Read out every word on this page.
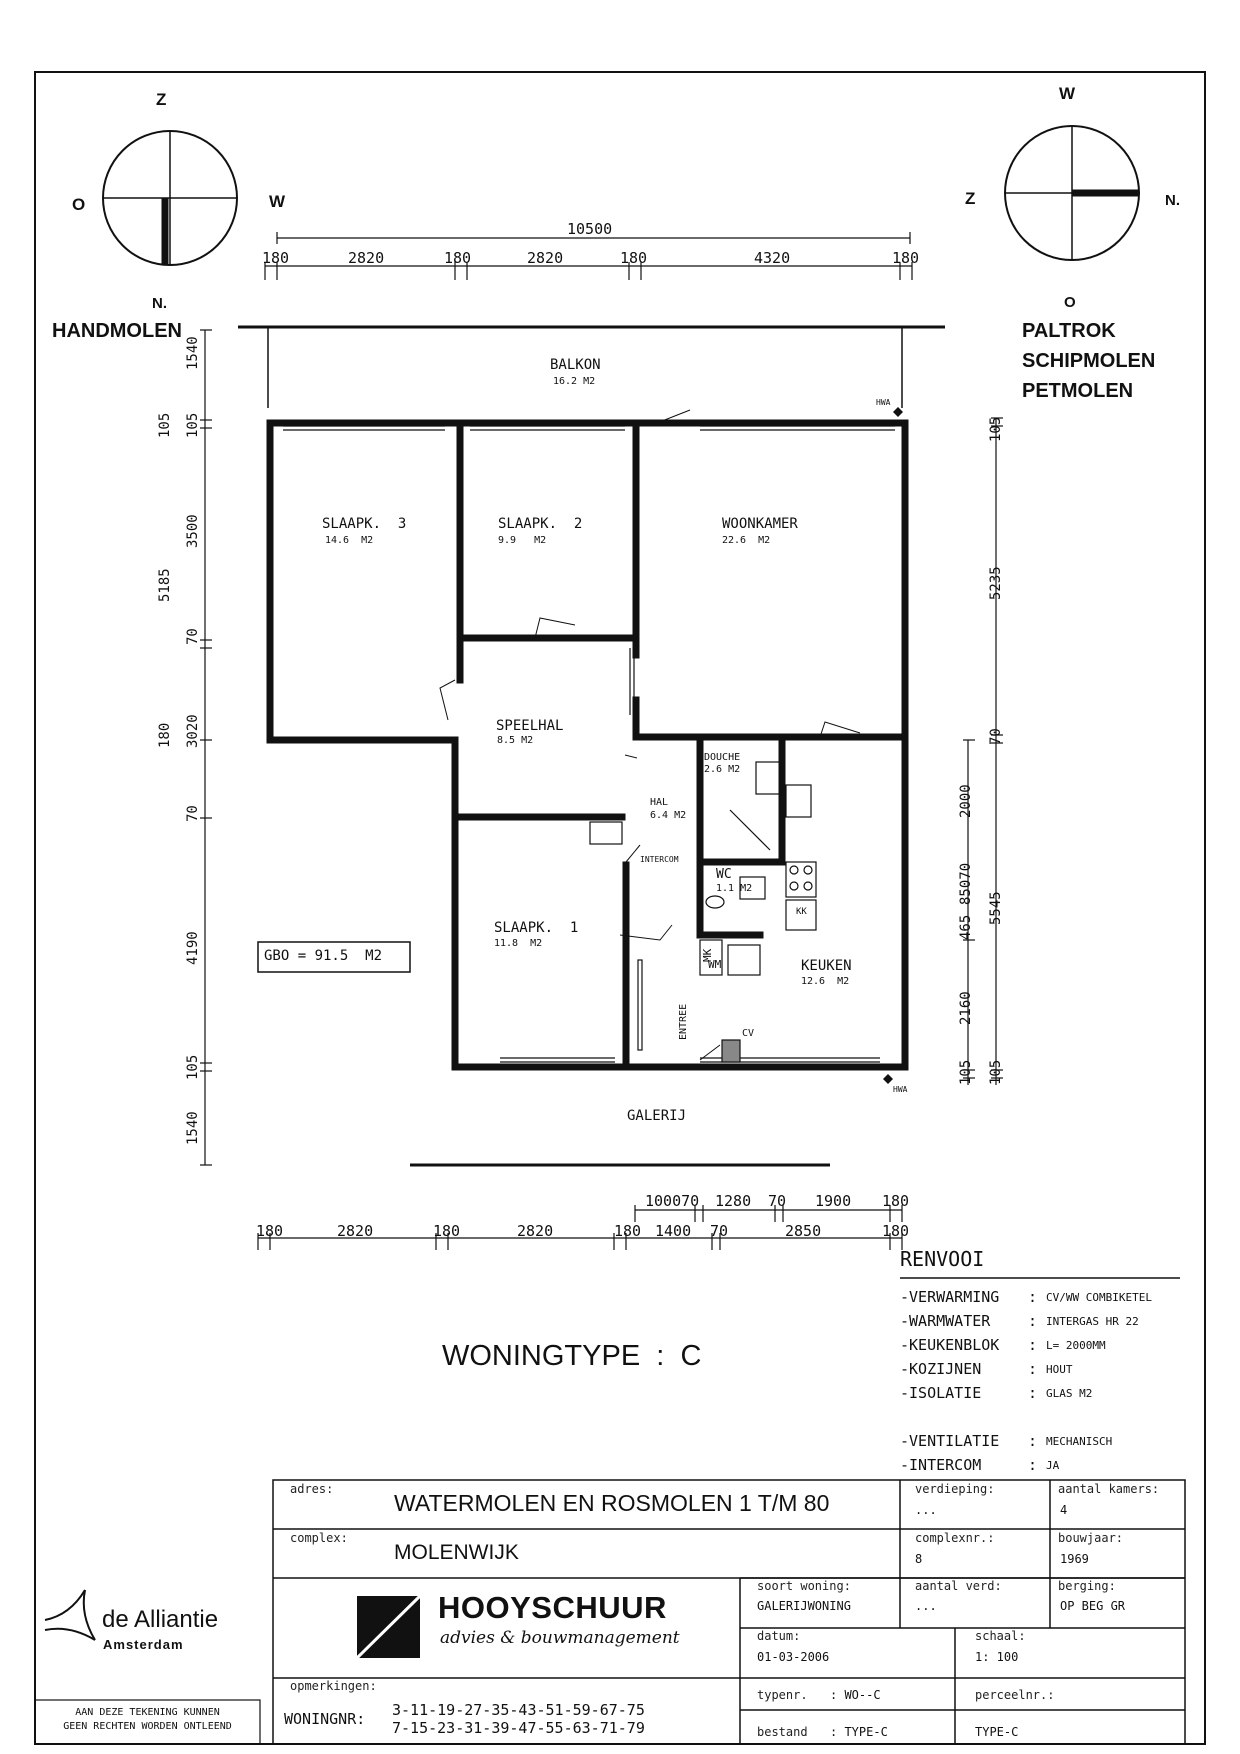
Z
O	W
N.
W
Z	N.
O
HANDMOLEN	PALTROK
SCHIPMOLEN
PETMOLEN
10500
180	2820	180	2820	180	4320	180
1540
105 105
5185
3500
70
180 3020
70
4190
105
1540
105
5235
70
2000
5545
465
85070
2160
105 105
100070 1280 70 1900 180
180	2820	180	2820	180 1400 70	2850	180
BALKON
16.2 M2
SLAAPK.  3
14.6  M2
SLAAPK.  2
9.9   M2
WOONKAMER
22.6  M2
SPEELHAL
8.5 M2
DOUCHE
2.6 M2
HAL
6.4 M2
WC
1.1 M2
SLAAPK.  1
11.8  M2
KEUKEN
12.6  M2
HWA
HWA
INTERCOM
KK
WM
MK
CV
ENTREE
GALERIJ
GBO = 91.5  M2
WONINGTYPE  :  C
RENVOOI
-VERWARMING : CV/WW COMBIKETEL
-WARMWATER	: INTERGAS HR 22
-KEUKENBLOK : L= 2000MM
-KOZIJNEN	: HOUT
-ISOLATIE	: GLAS M2
-VENTILATIE : MECHANISCH
-INTERCOM	: JA
adres:
WATERMOLEN EN ROSMOLEN 1 T/M 80
complex:
MOLENWIJK
verdieping:
...
aantal kamers:
4
complexnr.:
8
bouwjaar:
1969
soort woning:
GALERIJWONING
aantal verd:
...
berging:
OP BEG GR
datum:
01-03-2006
schaal:
1: 100
opmerkingen:
WONINGNR: 3-11-19-27-35-43-51-59-67-75
7-15-23-31-39-47-55-63-71-79
typenr. : WO--C	perceelnr.:
bestand : TYPE-C	TYPE-C
HOOYSCHUUR
advies & bouwmanagement
de Alliantie
Amsterdam
AAN DEZE TEKENING KUNNEN
GEEN RECHTEN WORDEN ONTLEEND
